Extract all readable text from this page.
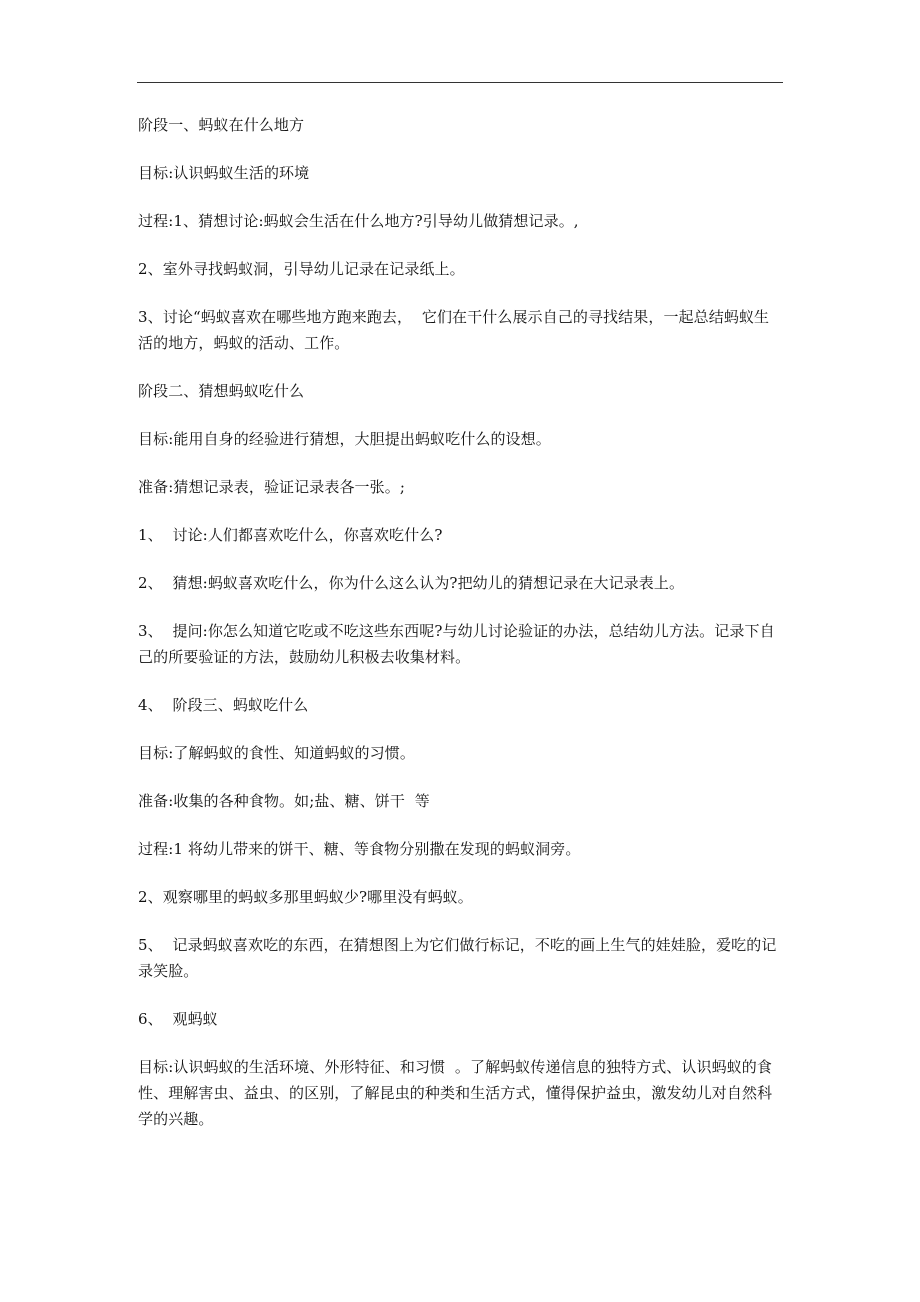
阶段一、蚂蚁在什么地方

目标:认识蚂蚁生活的环境

过程:1、猜想讨论:蚂蚁会生活在什么地方?引导幼儿做猜想记录。,

2、室外寻找蚂蚁洞，引导幼儿记录在记录纸上。

3、讨论“蚂蚁喜欢在哪些地方跑来跑去，  它们在干什么展示自己的寻找结果，一起总结蚂蚁生活的地方，蚂蚁的活动、工作。

阶段二、猜想蚂蚁吃什么

目标:能用自身的经验进行猜想，大胆提出蚂蚁吃什么的设想。

准备:猜想记录表，验证记录表各一张。;

1、  讨论:人们都喜欢吃什么，你喜欢吃什么?

2、  猜想:蚂蚁喜欢吃什么，你为什么这么认为?把幼儿的猜想记录在大记录表上。

3、  提问:你怎么知道它吃或不吃这些东西呢?与幼儿讨论验证的办法，总结幼儿方法。记录下自己的所要验证的方法，鼓励幼儿积极去收集材料。

4、  阶段三、蚂蚁吃什么

目标:了解蚂蚁的食性、知道蚂蚁的习惯。

准备:收集的各种食物。如;盐、糖、饼干  等

过程:1 将幼儿带来的饼干、糖、等食物分别撒在发现的蚂蚁洞旁。

2、观察哪里的蚂蚁多那里蚂蚁少?哪里没有蚂蚁。

5、  记录蚂蚁喜欢吃的东西，在猜想图上为它们做行标记，不吃的画上生气的娃娃脸，爱吃的记录笑脸。

6、  观蚂蚁

目标:认识蚂蚁的生活环境、外形特征、和习惯  。了解蚂蚁传递信息的独特方式、认识蚂蚁的食性、理解害虫、益虫、的区别，了解昆虫的种类和生活方式，懂得保护益虫，激发幼儿对自然科学的兴趣。
